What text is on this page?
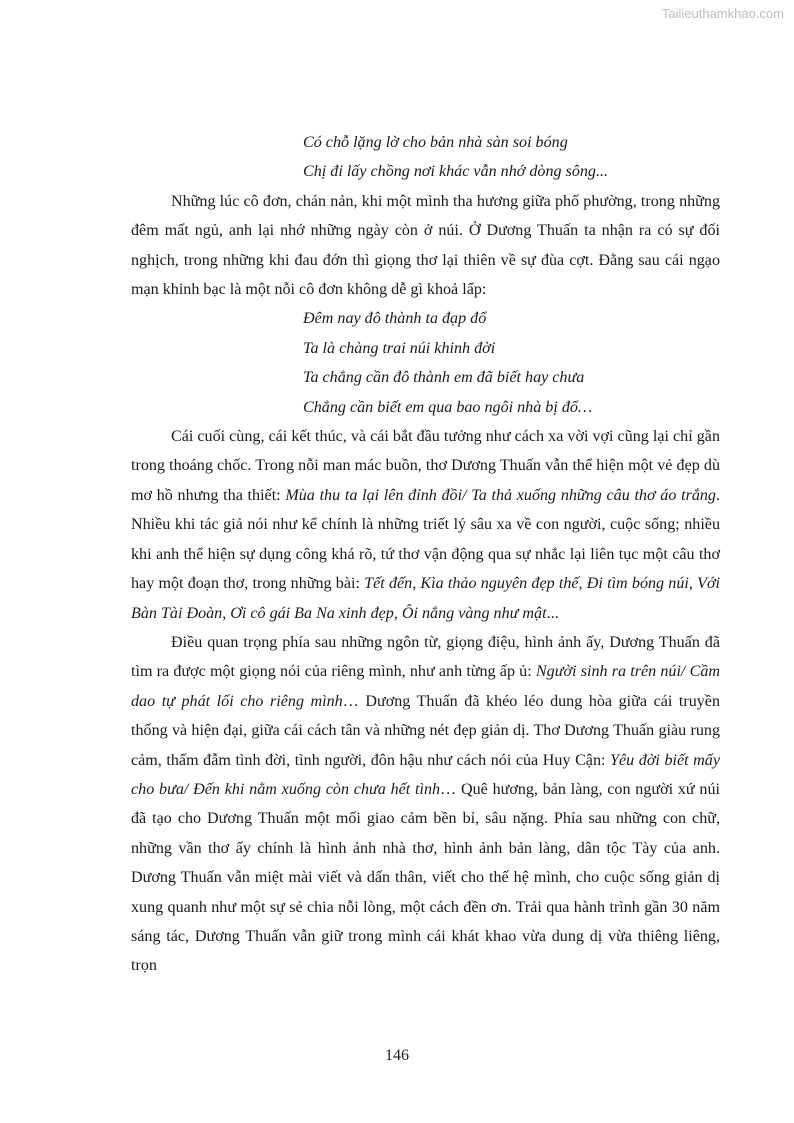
Tailieuthamkhao.com
Có chỗ lặng lờ cho bản nhà sàn soi bóng
Chị đi lấy chồng nơi khác vẫn nhớ dòng sông...

Những lúc cô đơn, chán nản, khi một mình tha hương giữa phố phường, trong những đêm mất ngủ, anh lại nhớ những ngày còn ở núi. Ở Dương Thuấn ta nhận ra có sự đối nghịch, trong những khi đau đớn thì giọng thơ lại thiên về sự đùa cợt. Đằng sau cái ngạo mạn khinh bạc là một nỗi cô đơn không dễ gì khoả lấp:

Đêm nay đô thành ta đạp đổ
Ta là chàng trai núi khinh đời
Ta chẳng cần đô thành em đã biết hay chưa
Chẳng cần biết em qua bao ngôi nhà bị đổ…

Cái cuối cùng, cái kết thúc, và cái bắt đầu tưởng như cách xa vời vợi cũng lại chỉ gần trong thoáng chốc. Trong nỗi man mác buồn, thơ Dương Thuấn vẫn thể hiện một vẻ đẹp dù mơ hồ nhưng tha thiết: Mùa thu ta lại lên đỉnh đồi/ Ta thả xuống những câu thơ áo trắng. Nhiều khi tác giả nói như kể chính là những triết lý sâu xa về con người, cuộc sống; nhiều khi anh thể hiện sự dụng công khá rõ, tứ thơ vận động qua sự nhắc lại liên tục một câu thơ hay một đoạn thơ, trong những bài: Tết đến, Kìa thảo nguyên đẹp thế, Đi tìm bóng núi, Với Bàn Tài Đoàn, Ơi cô gái Ba Na xinh đẹp, Ôi nắng vàng như mật...

Điều quan trọng phía sau những ngôn từ, giọng điệu, hình ảnh ấy, Dương Thuấn đã tìm ra được một giọng nói của riêng mình, như anh từng ấp ủ: Người sinh ra trên núi/ Cầm dao tự phát lối cho riêng mình… Dương Thuấn đã khéo léo dung hòa giữa cái truyền thống và hiện đại, giữa cái cách tân và những nét đẹp giản dị. Thơ Dương Thuấn giàu rung cảm, thấm đẫm tình đời, tình người, đôn hậu như cách nói của Huy Cận: Yêu đời biết mấy cho bưa/ Đến khi nằm xuống còn chưa hết tình… Quê hương, bản làng, con người xứ núi đã tạo cho Dương Thuấn một mối giao cảm bền bỉ, sâu nặng. Phía sau những con chữ, những vần thơ ấy chính là hình ảnh nhà thơ, hình ảnh bản làng, dân tộc Tày của anh. Dương Thuấn vẫn miệt mài viết và dấn thân, viết cho thế hệ mình, cho cuộc sống giản dị xung quanh như một sự sẻ chia nỗi lòng, một cách đền ơn. Trải qua hành trình gần 30 năm sáng tác, Dương Thuấn vẫn giữ trong mình cái khát khao vừa dung dị vừa thiêng liêng, trọn

146
